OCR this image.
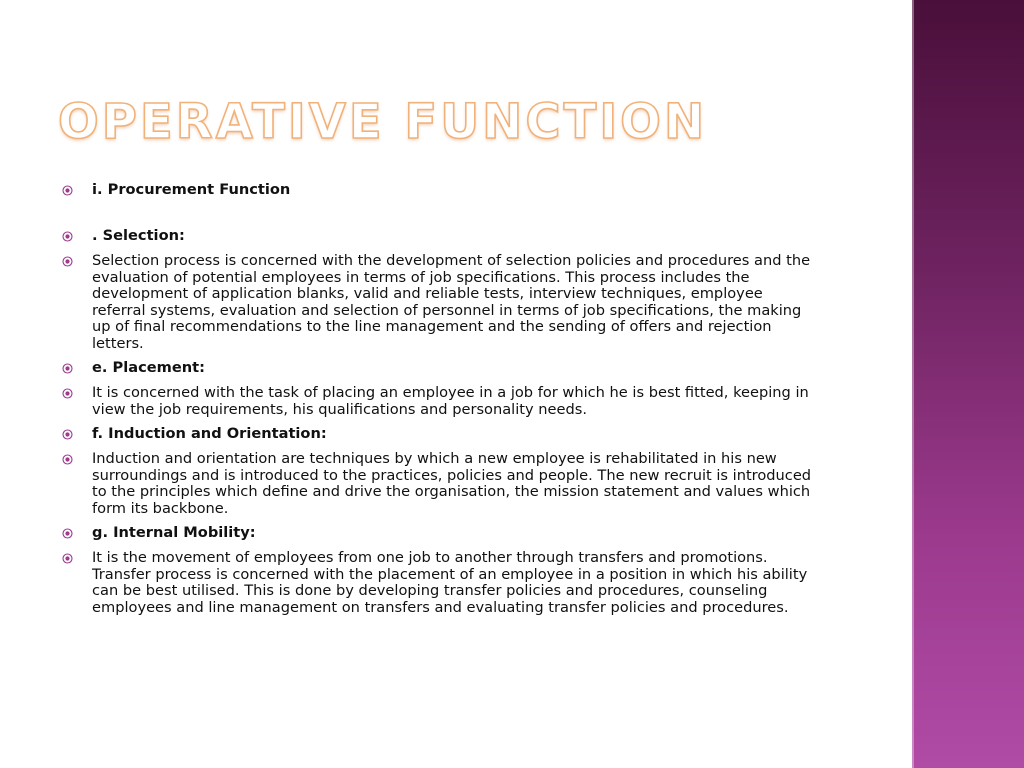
OPERATIVE FUNCTION
i. Procurement Function
. Selection:
Selection process is concerned with the development of selection policies and procedures and the
evaluation of potential employees in terms of job specifications. This process includes the
development of application blanks, valid and reliable tests, interview techniques, employee
referral systems, evaluation and selection of personnel in terms of job specifications, the making
up of final recommendations to the line management and the sending of offers and rejection
letters.
e. Placement:
It is concerned with the task of placing an employee in a job for which he is best fitted, keeping in
view the job requirements, his qualifications and personality needs.
f. Induction and Orientation:
Induction and orientation are techniques by which a new employee is rehabilitated in his new
surroundings and is introduced to the practices, policies and people. The new recruit is introduced
to the principles which define and drive the organisation, the mission statement and values which
form its backbone.
g. Internal Mobility:
It is the movement of employees from one job to another through transfers and promotions.
Transfer process is concerned with the placement of an employee in a position in which his ability
can be best utilised. This is done by developing transfer policies and procedures, counseling
employees and line management on transfers and evaluating transfer policies and procedures.
